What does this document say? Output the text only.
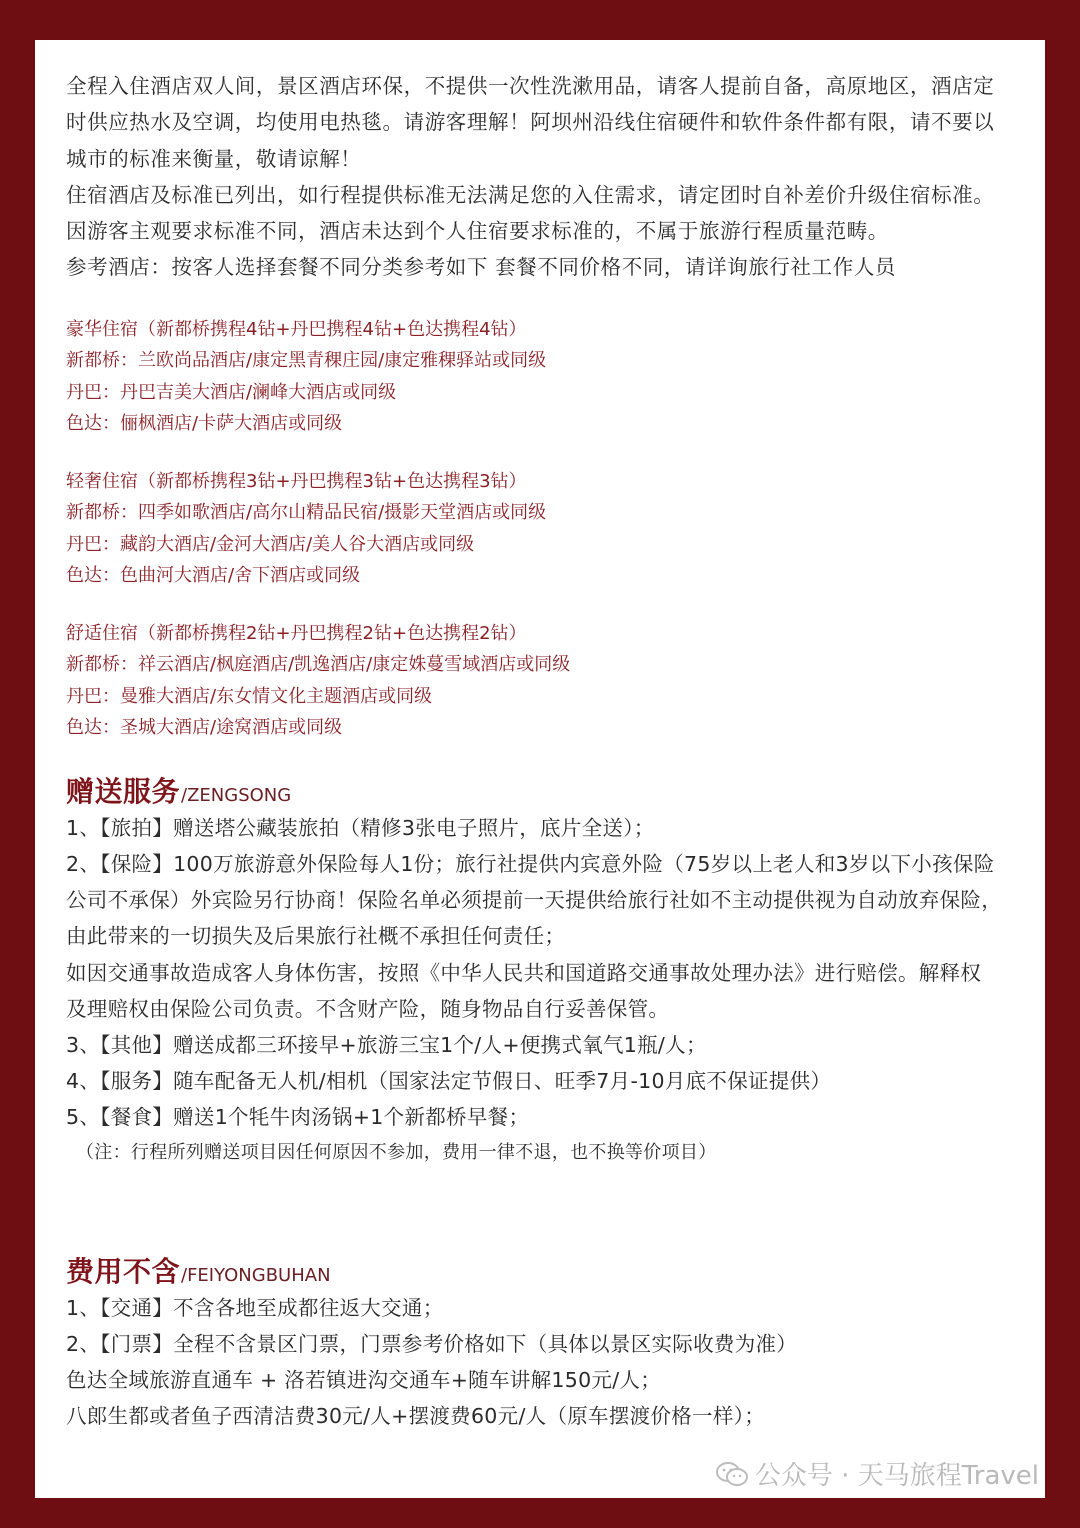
全程入住酒店双人间，景区酒店环保，不提供一次性洗漱用品，请客人提前自备，高原地区，酒店定

时供应热水及空调，均使用电热毯。请游客理解！阿坝州沿线住宿硬件和软件条件都有限，请不要以

城市的标准来衡量，敬请谅解！

住宿酒店及标准已列出，如行程提供标准无法满足您的入住需求，请定团时自补差价升级住宿标准。

因游客主观要求标准不同，酒店未达到个人住宿要求标准的，不属于旅游行程质量范畴。

参考酒店：按客人选择套餐不同分类参考如下 套餐不同价格不同，请详询旅行社工作人员

豪华住宿（新都桥携程4钻+丹巴携程4钻+色达携程4钻）
新都桥：兰欧尚品酒店/康定黑青稞庄园/康定雅稞驿站或同级
丹巴：丹巴吉美大酒店/澜峰大酒店或同级
色达：俪枫酒店/卡萨大酒店或同级
轻奢住宿（新都桥携程3钻+丹巴携程3钻+色达携程3钻）
新都桥：四季如歌酒店/高尔山精品民宿/摄影天堂酒店或同级
丹巴：藏韵大酒店/金河大酒店/美人谷大酒店或同级
色达：色曲河大酒店/舍下酒店或同级
舒适住宿（新都桥携程2钻+丹巴携程2钻+色达携程2钻）
新都桥：祥云酒店/枫庭酒店/凯逸酒店/康定姝蔓雪域酒店或同级
丹巴：曼雅大酒店/东女情文化主题酒店或同级
色达：圣城大酒店/途窝酒店或同级
赠送服务 /ZENGSONG

1、【旅拍】赠送塔公藏装旅拍（精修3张电子照片，底片全送）；

2、【保险】100万旅游意外保险每人1份；旅行社提供内宾意外险（75岁以上老人和3岁以下小孩保险

公司不承保）外宾险另行协商！保险名单必须提前一天提供给旅行社如不主动提供视为自动放弃保险，

由此带来的一切损失及后果旅行社概不承担任何责任；

如因交通事故造成客人身体伤害，按照《中华人民共和国道路交通事故处理办法》进行赔偿。解释权

及理赔权由保险公司负责。不含财产险，随身物品自行妥善保管。

3、【其他】赠送成都三环接早+旅游三宝1个/人+便携式氧气1瓶/人；

4、【服务】随车配备无人机/相机（国家法定节假日、旺季7月-10月底不保证提供）

5、【餐食】赠送1个牦牛肉汤锅+1个新都桥早餐；

（注：行程所列赠送项目因任何原因不参加，费用一律不退，也不换等价项目）

费用不含 /FEIYONGBUHAN

1、【交通】不含各地至成都往返大交通；

2、【门票】全程不含景区门票，门票参考价格如下（具体以景区实际收费为准）

色达全域旅游直通车 + 洛若镇进沟交通车+随车讲解150元/人；

八郎生都或者鱼子西清洁费30元/人+摆渡费60元/人（原车摆渡价格一样）；

公众号 · 天马旅程Travel
